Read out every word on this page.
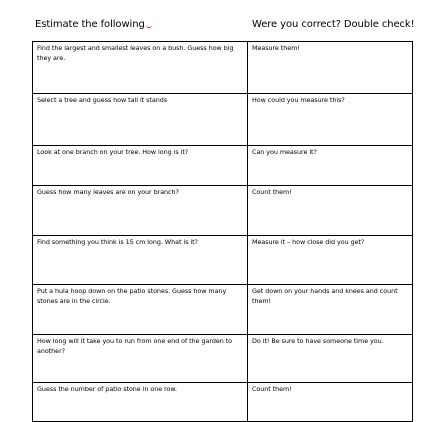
Estimate the following	Were you correct? Double check!
Find the largest and smallest leaves on a bush. Guess how big they are.	Measure them!
Select a tree and guess how tall it stands	How could you measure this?
Look at one branch on your tree. How long is it?	Can you measure it?
Guess how many leaves are on your branch?	Count them!
Find something you think is 15 cm long. What is it?	Measure it – how close did you get?
Put a hula hoop down on the patio stones. Guess how many stones are in the circle.	Get down on your hands and knees and count them!
How long will it take you to run from one end of the garden to another?	Do it! Be sure to have someone time you.
Guess the number of patio stone in one row.	Count them!
